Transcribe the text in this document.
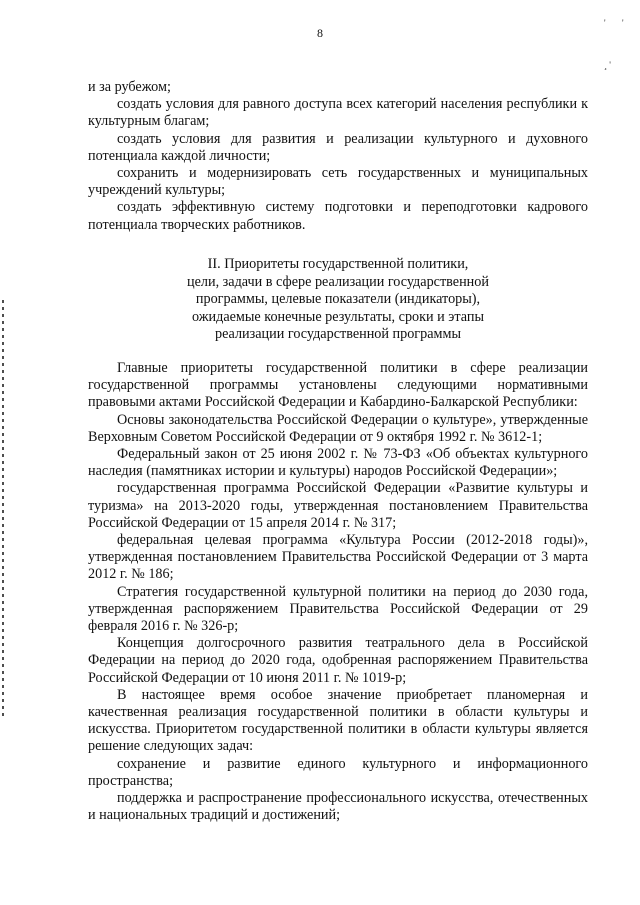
8
' '
¸ '

и за рубежом;

создать условия для равного доступа всех категорий населения республики к культурным благам;

создать условия для развития и реализации культурного и духовного потенциала каждой личности;

сохранить и модернизировать сеть государственных и муниципальных учреждений культуры;

создать эффективную систему подготовки и переподготовки кадрового потенциала творческих работников.

II. Приоритеты государственной политики,
цели, задачи в сфере реализации государственной
программы, целевые показатели (индикаторы),
ожидаемые конечные результаты, сроки и этапы
реализации государственной программы

Главные приоритеты государственной политики в сфере реализации государственной программы установлены следующими нормативными правовыми актами Российской Федерации и Кабардино-Балкарской Республики:

Основы законодательства Российской Федерации о культуре», утвержденные Верховным Советом Российской Федерации от 9 октября 1992 г. № 3612-1;

Федеральный закон от 25 июня 2002 г. № 73-ФЗ «Об объектах культурного наследия (памятниках истории и культуры) народов Российской Федерации»;

государственная программа Российской Федерации «Развитие культуры и туризма» на 2013-2020 годы, утвержденная постановлением Правительства Российской Федерации от 15 апреля 2014 г. № 317;

федеральная целевая программа «Культура России (2012-2018 годы)», утвержденная постановлением Правительства Российской Федерации от 3 марта 2012 г. № 186;

Стратегия государственной культурной политики на период до 2030 года, утвержденная распоряжением Правительства Российской Федерации от 29 февраля 2016 г. № 326-р;

Концепция долгосрочного развития театрального дела в Российской Федерации на период до 2020 года, одобренная распоряжением Правительства Российской Федерации от 10 июня 2011 г. № 1019-р;

В настоящее время особое значение приобретает планомерная и качественная реализация государственной политики в области культуры и искусства. Приоритетом государственной политики в области культуры является решение следующих задач:

сохранение и развитие единого культурного и информационного пространства;

поддержка и распространение профессионального искусства, отечественных и национальных традиций и достижений;
